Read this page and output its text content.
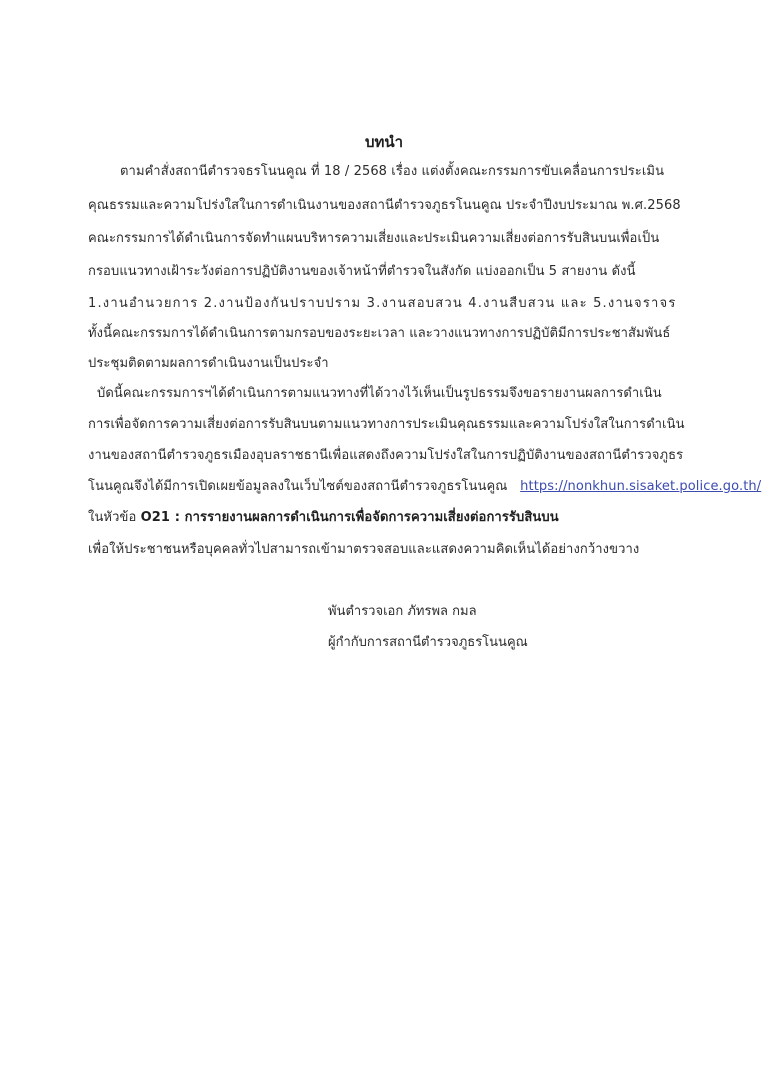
บทนำ
ตามคำสั่งสถานีตำรวจธรโนนคูณ ที่ 18 / 2568 เรื่อง แต่งตั้งคณะกรรมการขับเคลื่อนการประเมิน
คุณธรรมและความโปร่งใสในการดำเนินงานของสถานีตำรวจภูธรโนนคูณ ประจำปีงบประมาณ พ.ศ.2568
คณะกรรมการได้ดำเนินการจัดทำแผนบริหารความเสี่ยงและประเมินความเสี่ยงต่อการรับสินบนเพื่อเป็น
กรอบแนวทางเฝ้าระวังต่อการปฏิบัติงานของเจ้าหน้าที่ตำรวจในสังกัด แบ่งออกเป็น 5 สายงาน ดังนี้
1.งานอำนวยการ 2.งานป้องกันปราบปราม 3.งานสอบสวน 4.งานสืบสวน และ 5.งานจราจร
ทั้งนี้คณะกรรมการได้ดำเนินการตามกรอบของระยะเวลา และวางแนวทางการปฏิบัติมีการประชาสัมพันธ์
ประชุมติดตามผลการดำเนินงานเป็นประจำ
บัดนี้คณะกรรมการฯได้ดำเนินการตามแนวทางที่ได้วางไว้เห็นเป็นรูปธรรมจึงขอรายงานผลการดำเนิน
การเพื่อจัดการความเสี่ยงต่อการรับสินบนตามแนวทางการประเมินคุณธรรมและความโปร่งใสในการดำเนิน
งานของสถานีตำรวจภูธรเมืองอุบลราชธานีเพื่อแสดงถึงความโปร่งใสในการปฏิบัติงานของสถานีตำรวจภูธร
โนนคูณจึงได้มีการเปิดเผยข้อมูลลงในเว็บไซต์ของสถานีตำรวจภูธรโนนคูณ https://nonkhun.sisaket.police.go.th/
ในหัวข้อ O21 : การรายงานผลการดำเนินการเพื่อจัดการความเสี่ยงต่อการรับสินบน
เพื่อให้ประชาชนหรือบุคคลทั่วไปสามารถเข้ามาตรวจสอบและแสดงความคิดเห็นได้อย่างกว้างขวาง
พันตำรวจเอก ภัทรพล กมล
ผู้กำกับการสถานีตำรวจภูธรโนนคูณ
